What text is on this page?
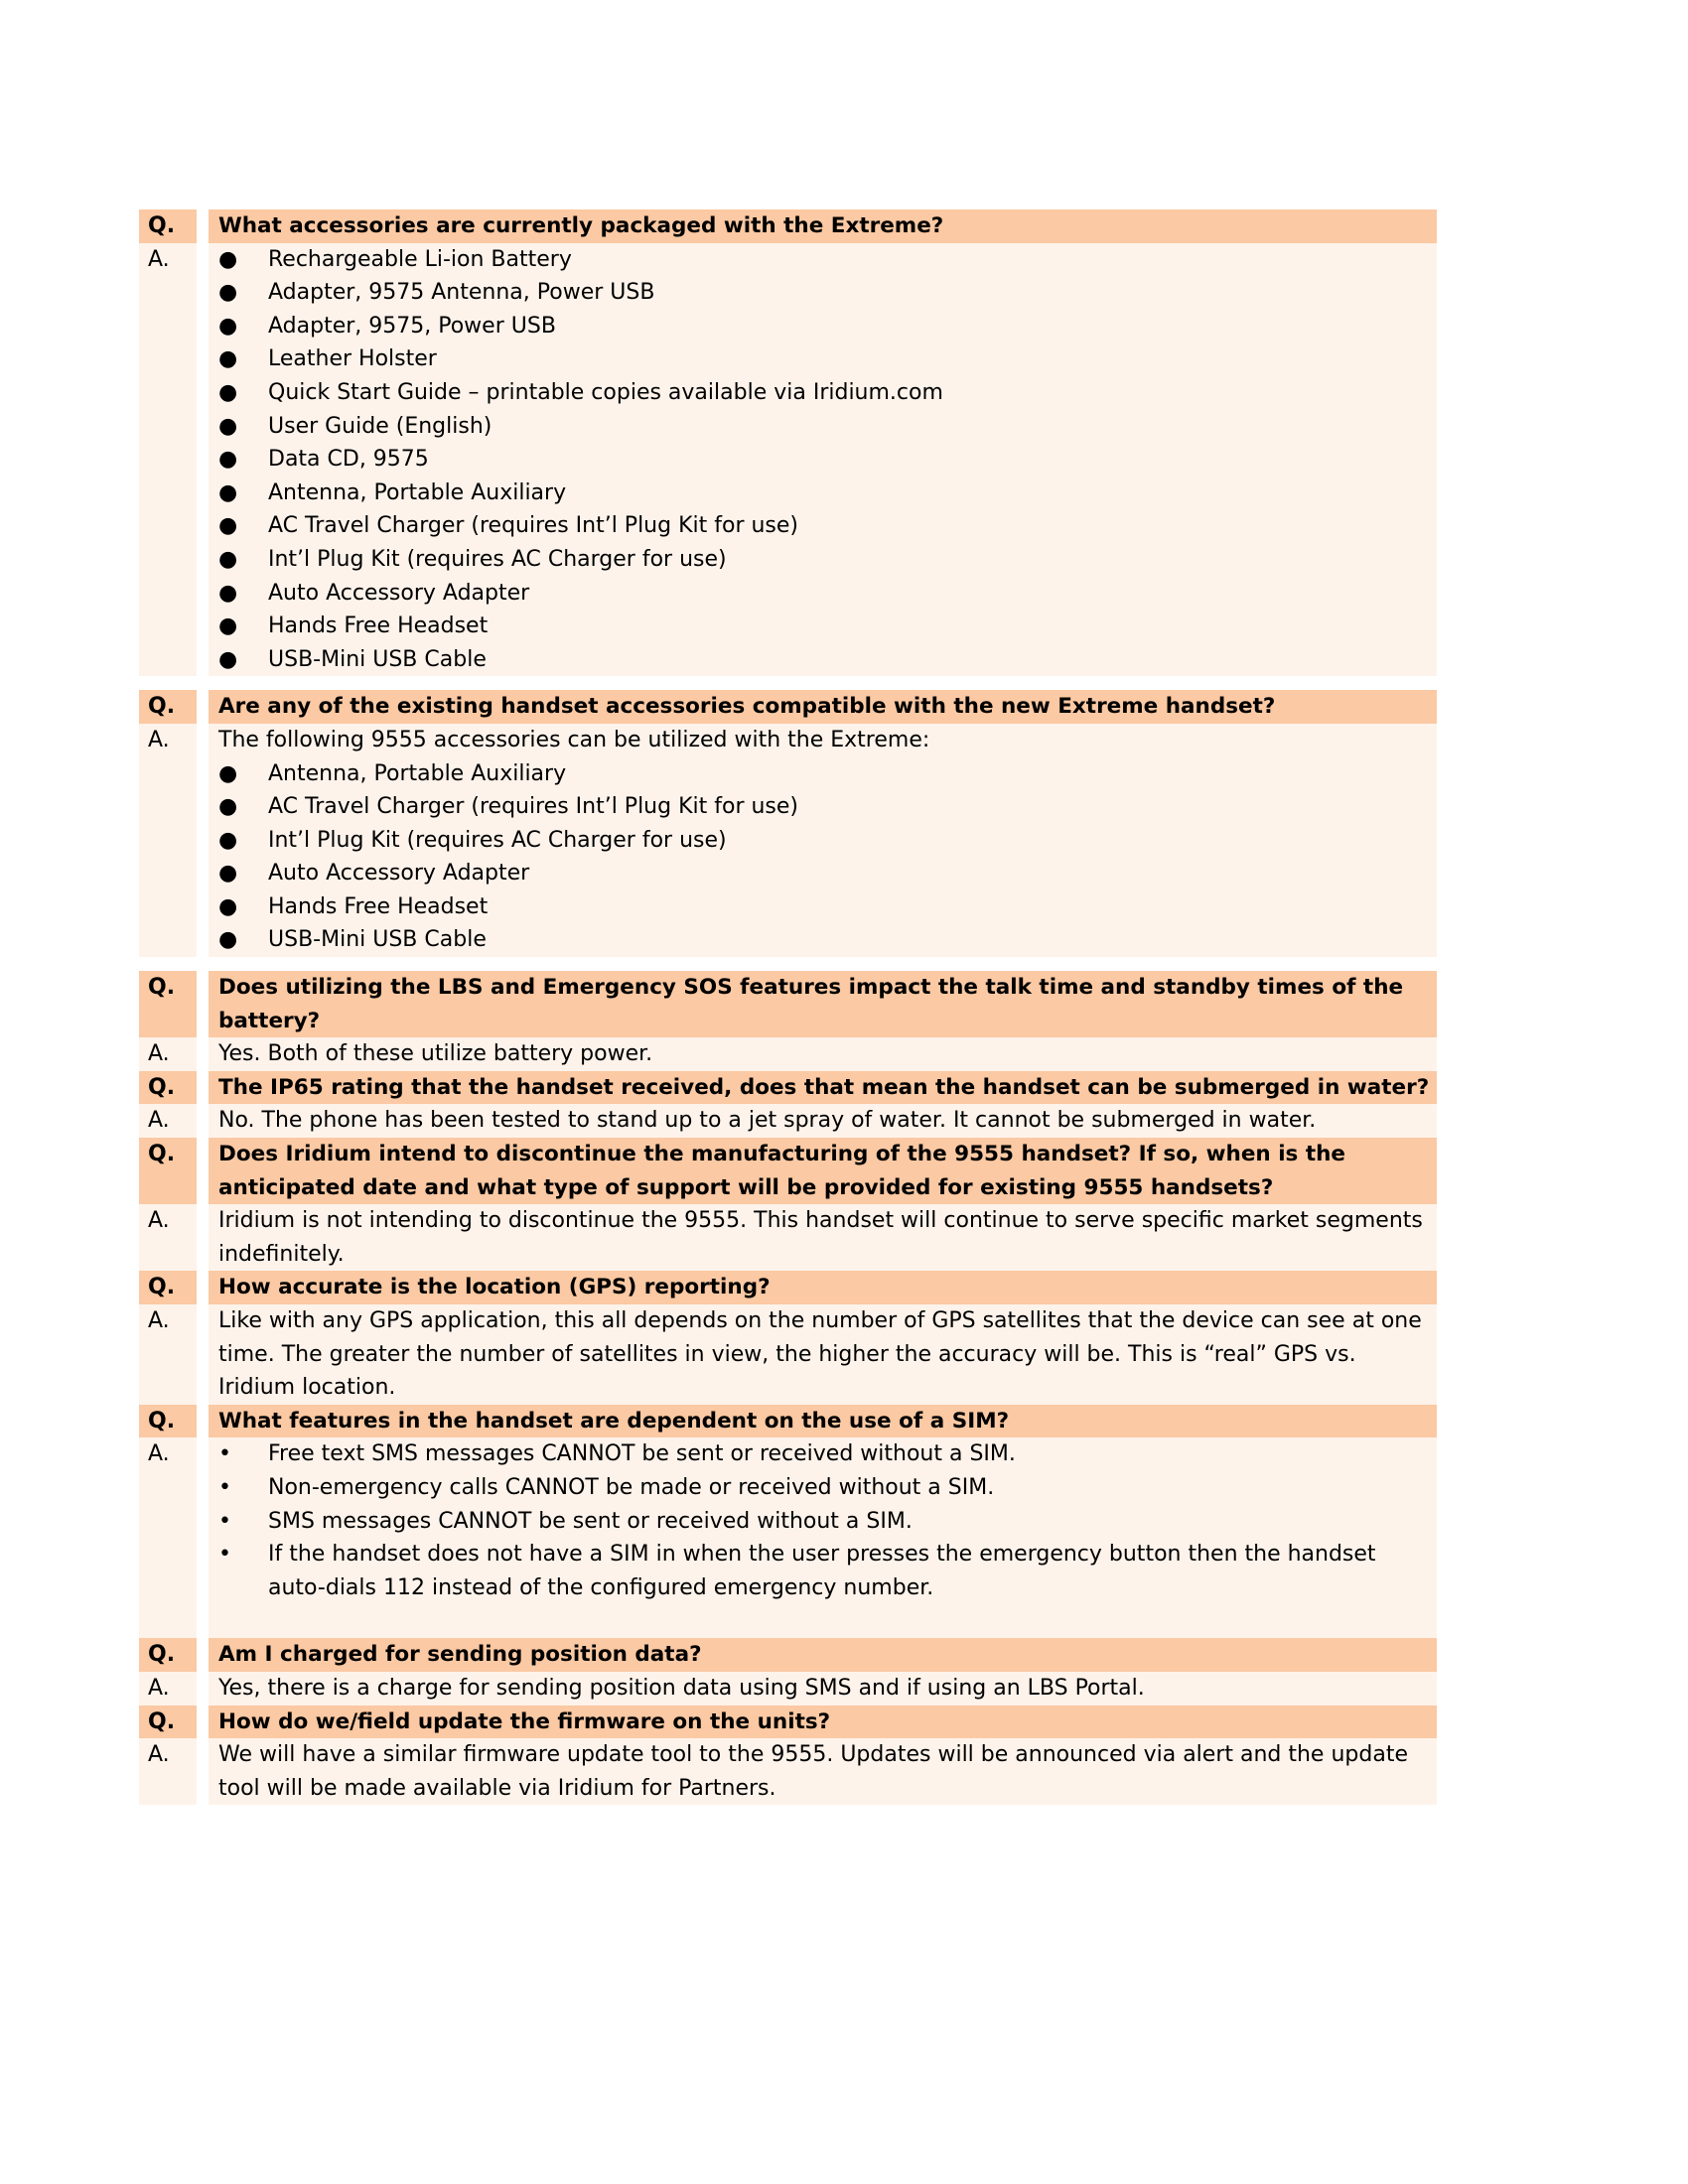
Q.	What accessories are currently packaged with the Extreme?
A.	●	Rechargeable Li-ion Battery
●	Adapter, 9575 Antenna, Power USB
●	Adapter, 9575, Power USB
●	Leather Holster
●	Quick Start Guide – printable copies available via Iridium.com
●	User Guide (English)
●	Data CD, 9575
●	Antenna, Portable Auxiliary
●	AC Travel Charger (requires Int’l Plug Kit for use)
●	Int’l Plug Kit (requires AC Charger for use)
●	Auto Accessory Adapter
●	Hands Free Headset
●	USB-Mini USB Cable
Q.	Are any of the existing handset accessories compatible with the new Extreme handset?
A.	The following 9555 accessories can be utilized with the Extreme:
●	Antenna, Portable Auxiliary
●	AC Travel Charger (requires Int’l Plug Kit for use)
●	Int’l Plug Kit (requires AC Charger for use)
●	Auto Accessory Adapter
●	Hands Free Headset
●	USB-Mini USB Cable
Q.	Does utilizing the LBS and Emergency SOS features impact the talk time and standby times of the battery?
A.	Yes. Both of these utilize battery power.
Q.	The IP65 rating that the handset received, does that mean the handset can be submerged in water?
A.	No. The phone has been tested to stand up to a jet spray of water. It cannot be submerged in water.
Q.	Does Iridium intend to discontinue the manufacturing of the 9555 handset? If so, when is the anticipated date and what type of support will be provided for existing 9555 handsets?
A.	Iridium is not intending to discontinue the 9555. This handset will continue to serve specific market segments indefinitely.
Q.	How accurate is the location (GPS) reporting?
A.	Like with any GPS application, this all depends on the number of GPS satellites that the device can see at one time. The greater the number of satellites in view, the higher the accuracy will be. This is “real” GPS vs. Iridium location.
Q.	What features in the handset are dependent on the use of a SIM?
A.	•	Free text SMS messages CANNOT be sent or received without a SIM.
•	Non-emergency calls CANNOT be made or received without a SIM.
•	SMS messages CANNOT be sent or received without a SIM.
•	If the handset does not have a SIM in when the user presses the emergency button then the handset auto-dials 112 instead of the configured emergency number.
Q.	Am I charged for sending position data?
A.	Yes, there is a charge for sending position data using SMS and if using an LBS Portal.
Q.	How do we/field update the firmware on the units?
A.	We will have a similar firmware update tool to the 9555. Updates will be announced via alert and the update tool will be made available via Iridium for Partners.
